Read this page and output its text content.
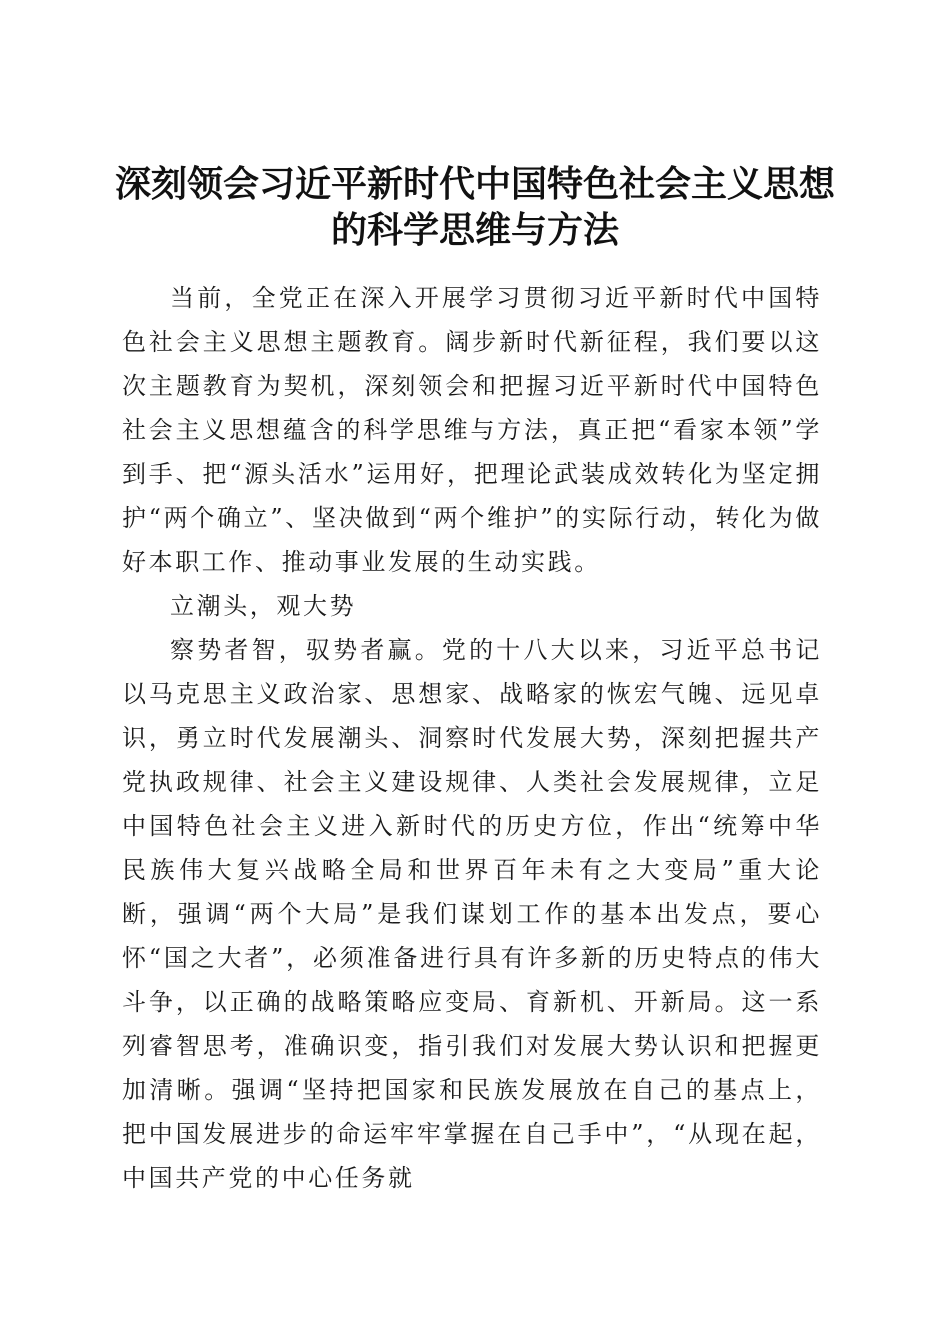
深刻领会习近平新时代中国特色社会主义思想
的科学思维与方法

当前，全党正在深入开展学习贯彻习近平新时代中国特色社会主义思想主题教育。阔步新时代新征程，我们要以这次主题教育为契机，深刻领会和把握习近平新时代中国特色社会主义思想蕴含的科学思维与方法，真正把“看家本领”学到手、把“源头活水”运用好，把理论武装成效转化为坚定拥护“两个确立”、坚决做到“两个维护”的实际行动，转化为做好本职工作、推动事业发展的生动实践。

立潮头，观大势

察势者智，驭势者赢。党的十八大以来，习近平总书记以马克思主义政治家、思想家、战略家的恢宏气魄、远见卓识，勇立时代发展潮头、洞察时代发展大势，深刻把握共产党执政规律、社会主义建设规律、人类社会发展规律，立足中国特色社会主义进入新时代的历史方位，作出“统筹中华民族伟大复兴战略全局和世界百年未有之大变局”重大论断，强调“两个大局”是我们谋划工作的基本出发点，要心怀“国之大者”，必须准备进行具有许多新的历史特点的伟大斗争，以正确的战略策略应变局、育新机、开新局。这一系列睿智思考，准确识变，指引我们对发展大势认识和把握更加清晰。强调“坚持把国家和民族发展放在自己的基点上，把中国发展进步的命运牢牢掌握在自己手中”，“从现在起，中国共产党的中心任务就
